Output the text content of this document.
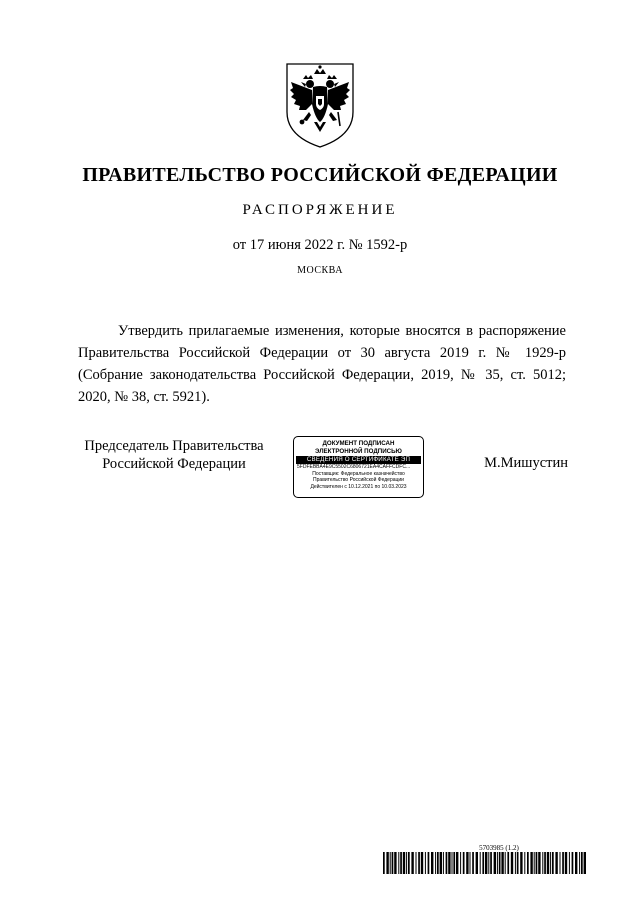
ПРАВИТЕЛЬСТВО РОССИЙСКОЙ ФЕДЕРАЦИИ
РАСПОРЯЖЕНИЕ
от 17 июня 2022 г. № 1592-р
МОСКВА
Утвердить прилагаемые изменения, которые вносятся в распоряжение Правительства Российской Федерации от 30 августа 2019 г. № 1929-р (Собрание законодательства Российской Федерации, 2019, № 35, ст. 5012; 2020, № 38, ст. 5921).
Председатель Правительства
Российской Федерации
ДОКУМЕНТ ПОДПИСАН
ЭЛЕКТРОННОЙ ПОДПИСЬЮ
СВЕДЕНИЯ О СЕРТИФИКАТЕ ЭП
5FDFEBBA4E9C5502C6806721EA4CAFFCDFC...
Поставщик: Федеральное казначейство
Правительство Российской Федерации
Действителен с 10.12.2021 по 10.03.2023
М.Мишустин
5703985 (1.2)
